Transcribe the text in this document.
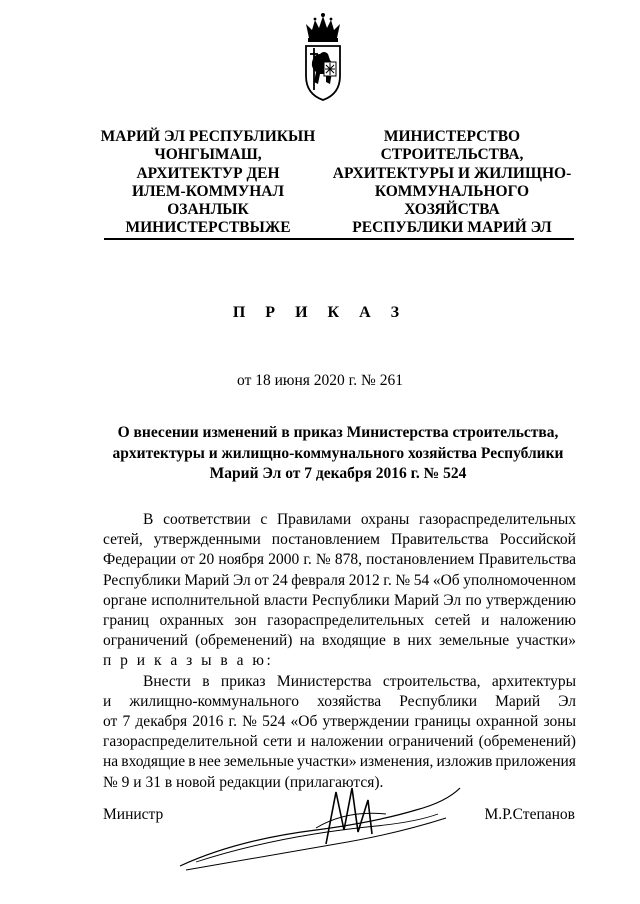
МАРИЙ ЭЛ РЕСПУБЛИКЫН
ЧОНГЫМАШ,
АРХИТЕКТУР ДЕН
ИЛЕМ-КОММУНАЛ
ОЗАНЛЫК
МИНИСТЕРСТВЫЖЕ
МИНИСТЕРСТВО
СТРОИТЕЛЬСТВА,
АРХИТЕКТУРЫ И ЖИЛИЩНО-
КОММУНАЛЬНОГО
ХОЗЯЙСТВА
РЕСПУБЛИКИ МАРИЙ ЭЛ
П Р И К А З
от 18 июня 2020 г. № 261
О внесении изменений в приказ Министерства строительства,
архитектуры и жилищно-коммунального хозяйства Республики
Марий Эл от 7 декабря 2016 г. № 524
В соответствии с Правилами охраны газораспределительных
сетей, утвержденными постановлением Правительства Российской
Федерации от 20 ноября 2000 г. № 878, постановлением Правительства
Республики Марий Эл от 24 февраля 2012 г. № 54 «Об уполномоченном
органе исполнительной власти Республики Марий Эл по утверждению
границ охранных зон газораспределительных сетей и наложению
ограничений (обременений) на входящие в них земельные участки»
п р и к а з ы в а ю:
Внести в приказ Министерства строительства, архитектуры
и жилищно-коммунального хозяйства Республики Марий Эл
от 7 декабря 2016 г. № 524 «Об утверждении границы охранной зоны
газораспределительной сети и наложении ограничений (обременений)
на входящие в нее земельные участки» изменения, изложив приложения
№ 9 и 31 в новой редакции (прилагаются).
Министр	М.Р.Степанов
